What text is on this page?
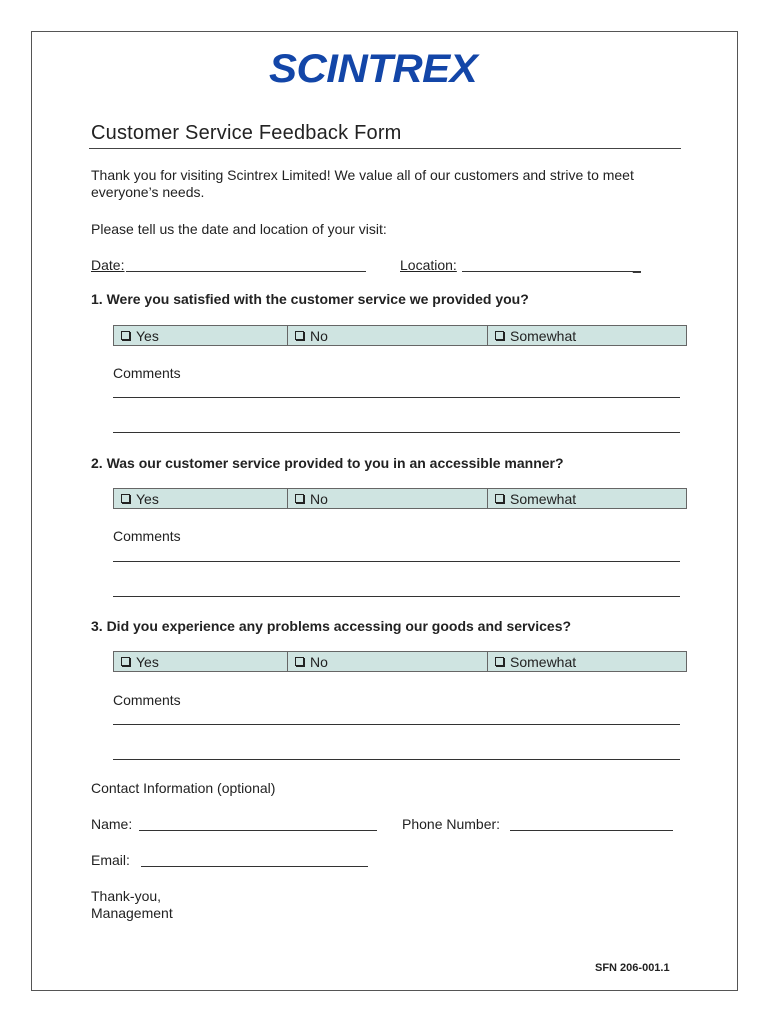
SCINTREX
Customer Service Feedback Form
Thank you for visiting Scintrex Limited! We value all of our customers and strive to meet everyone’s needs.
Please tell us the date and location of your visit:
Date:	Location:	_
1. Were you satisfied with the customer service we provided you?
Yes	No	Somewhat
Comments
2. Was our customer service provided to you in an accessible manner?
Yes	No	Somewhat
Comments
3. Did you experience any problems accessing our goods and services?
Yes	No	Somewhat
Comments
Contact Information (optional)
Name:	Phone Number:
Email:
Thank-you,
Management
SFN 206-001.1
